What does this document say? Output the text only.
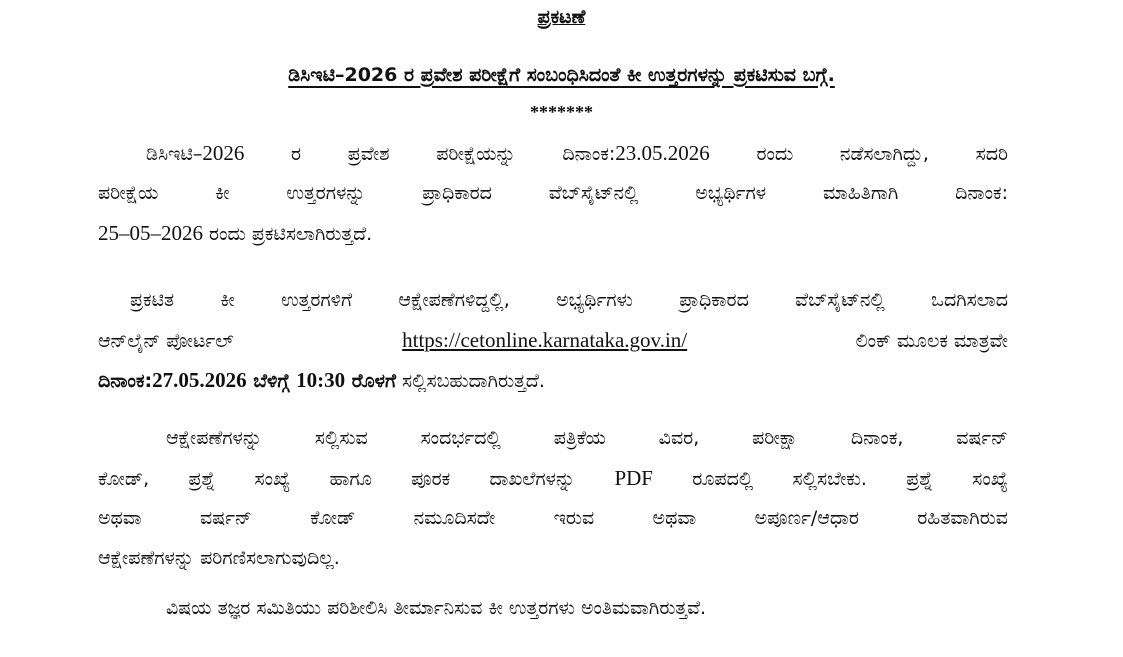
ಪ್ರಕಟಣೆ
ಡಿಸಿಇಟಿ–2026 ರ ಪ್ರವೇಶ ಪರೀಕ್ಷೆಗೆ ಸಂಬಂಧಿಸಿದಂತೆ ಕೀ ಉತ್ತರಗಳನ್ನು ಪ್ರಕಟಿಸುವ ಬಗ್ಗೆ.
*******
ಡಿಸಿಇಟಿ–2026 ರ ಪ್ರವೇಶ ಪರೀಕ್ಷೆಯನ್ನು ದಿನಾಂಕ:23.05.2026 ರಂದು ನಡೆಸಲಾಗಿದ್ದು, ಸದರಿ
ಪರೀಕ್ಷೆಯ ಕೀ ಉತ್ತರಗಳನ್ನು ಪ್ರಾಧಿಕಾರದ ವೆಬ್‌ಸೈಟ್‌ನಲ್ಲಿ ಅಭ್ಯರ್ಥಿಗಳ ಮಾಹಿತಿಗಾಗಿ ದಿನಾಂಕ:
25–05–2026 ರಂದು ಪ್ರಕಟಿಸಲಾಗಿರುತ್ತದೆ.
ಪ್ರಕಟಿತ ಕೀ ಉತ್ತರಗಳಿಗೆ ಆಕ್ಷೇಪಣೆಗಳಿದ್ದಲ್ಲಿ, ಅಭ್ಯರ್ಥಿಗಳು ಪ್ರಾಧಿಕಾರದ ವೆಬ್‌ಸೈಟ್‌ನಲ್ಲಿ ಒದಗಿಸಲಾದ
ಆನ್‌ಲೈನ್ ಪೋರ್ಟಲ್	https://cetonline.karnataka.gov.in/	ಲಿಂಕ್ ಮೂಲಕ ಮಾತ್ರವೇ
ದಿನಾಂಕ:27.05.2026 ಬೆಳಿಗ್ಗೆ 10:30 ರೊಳಗೆ ಸಲ್ಲಿಸಬಹುದಾಗಿರುತ್ತದೆ.
ಆಕ್ಷೇಪಣೆಗಳನ್ನು ಸಲ್ಲಿಸುವ ಸಂದರ್ಭದಲ್ಲಿ ಪತ್ರಿಕೆಯ ವಿವರ, ಪರೀಕ್ಷಾ ದಿನಾಂಕ, ವರ್ಷನ್
ಕೋಡ್, ಪ್ರಶ್ನೆ ಸಂಖ್ಯೆ ಹಾಗೂ ಪೂರಕ ದಾಖಲೆಗಳನ್ನು PDF ರೂಪದಲ್ಲಿ ಸಲ್ಲಿಸಬೇಕು. ಪ್ರಶ್ನೆ ಸಂಖ್ಯೆ
ಅಥವಾ ವರ್ಷನ್ ಕೋಡ್ ನಮೂದಿಸದೇ ಇರುವ ಅಥವಾ ಅಪೂರ್ಣ/ಆಧಾರ ರಹಿತವಾಗಿರುವ
ಆಕ್ಷೇಪಣೆಗಳನ್ನು ಪರಿಗಣಿಸಲಾಗುವುದಿಲ್ಲ.
ವಿಷಯ ತಜ್ಞರ ಸಮಿತಿಯು ಪರಿಶೀಲಿಸಿ ತೀರ್ಮಾನಿಸುವ ಕೀ ಉತ್ತರಗಳು ಅಂತಿಮವಾಗಿರುತ್ತವೆ.
